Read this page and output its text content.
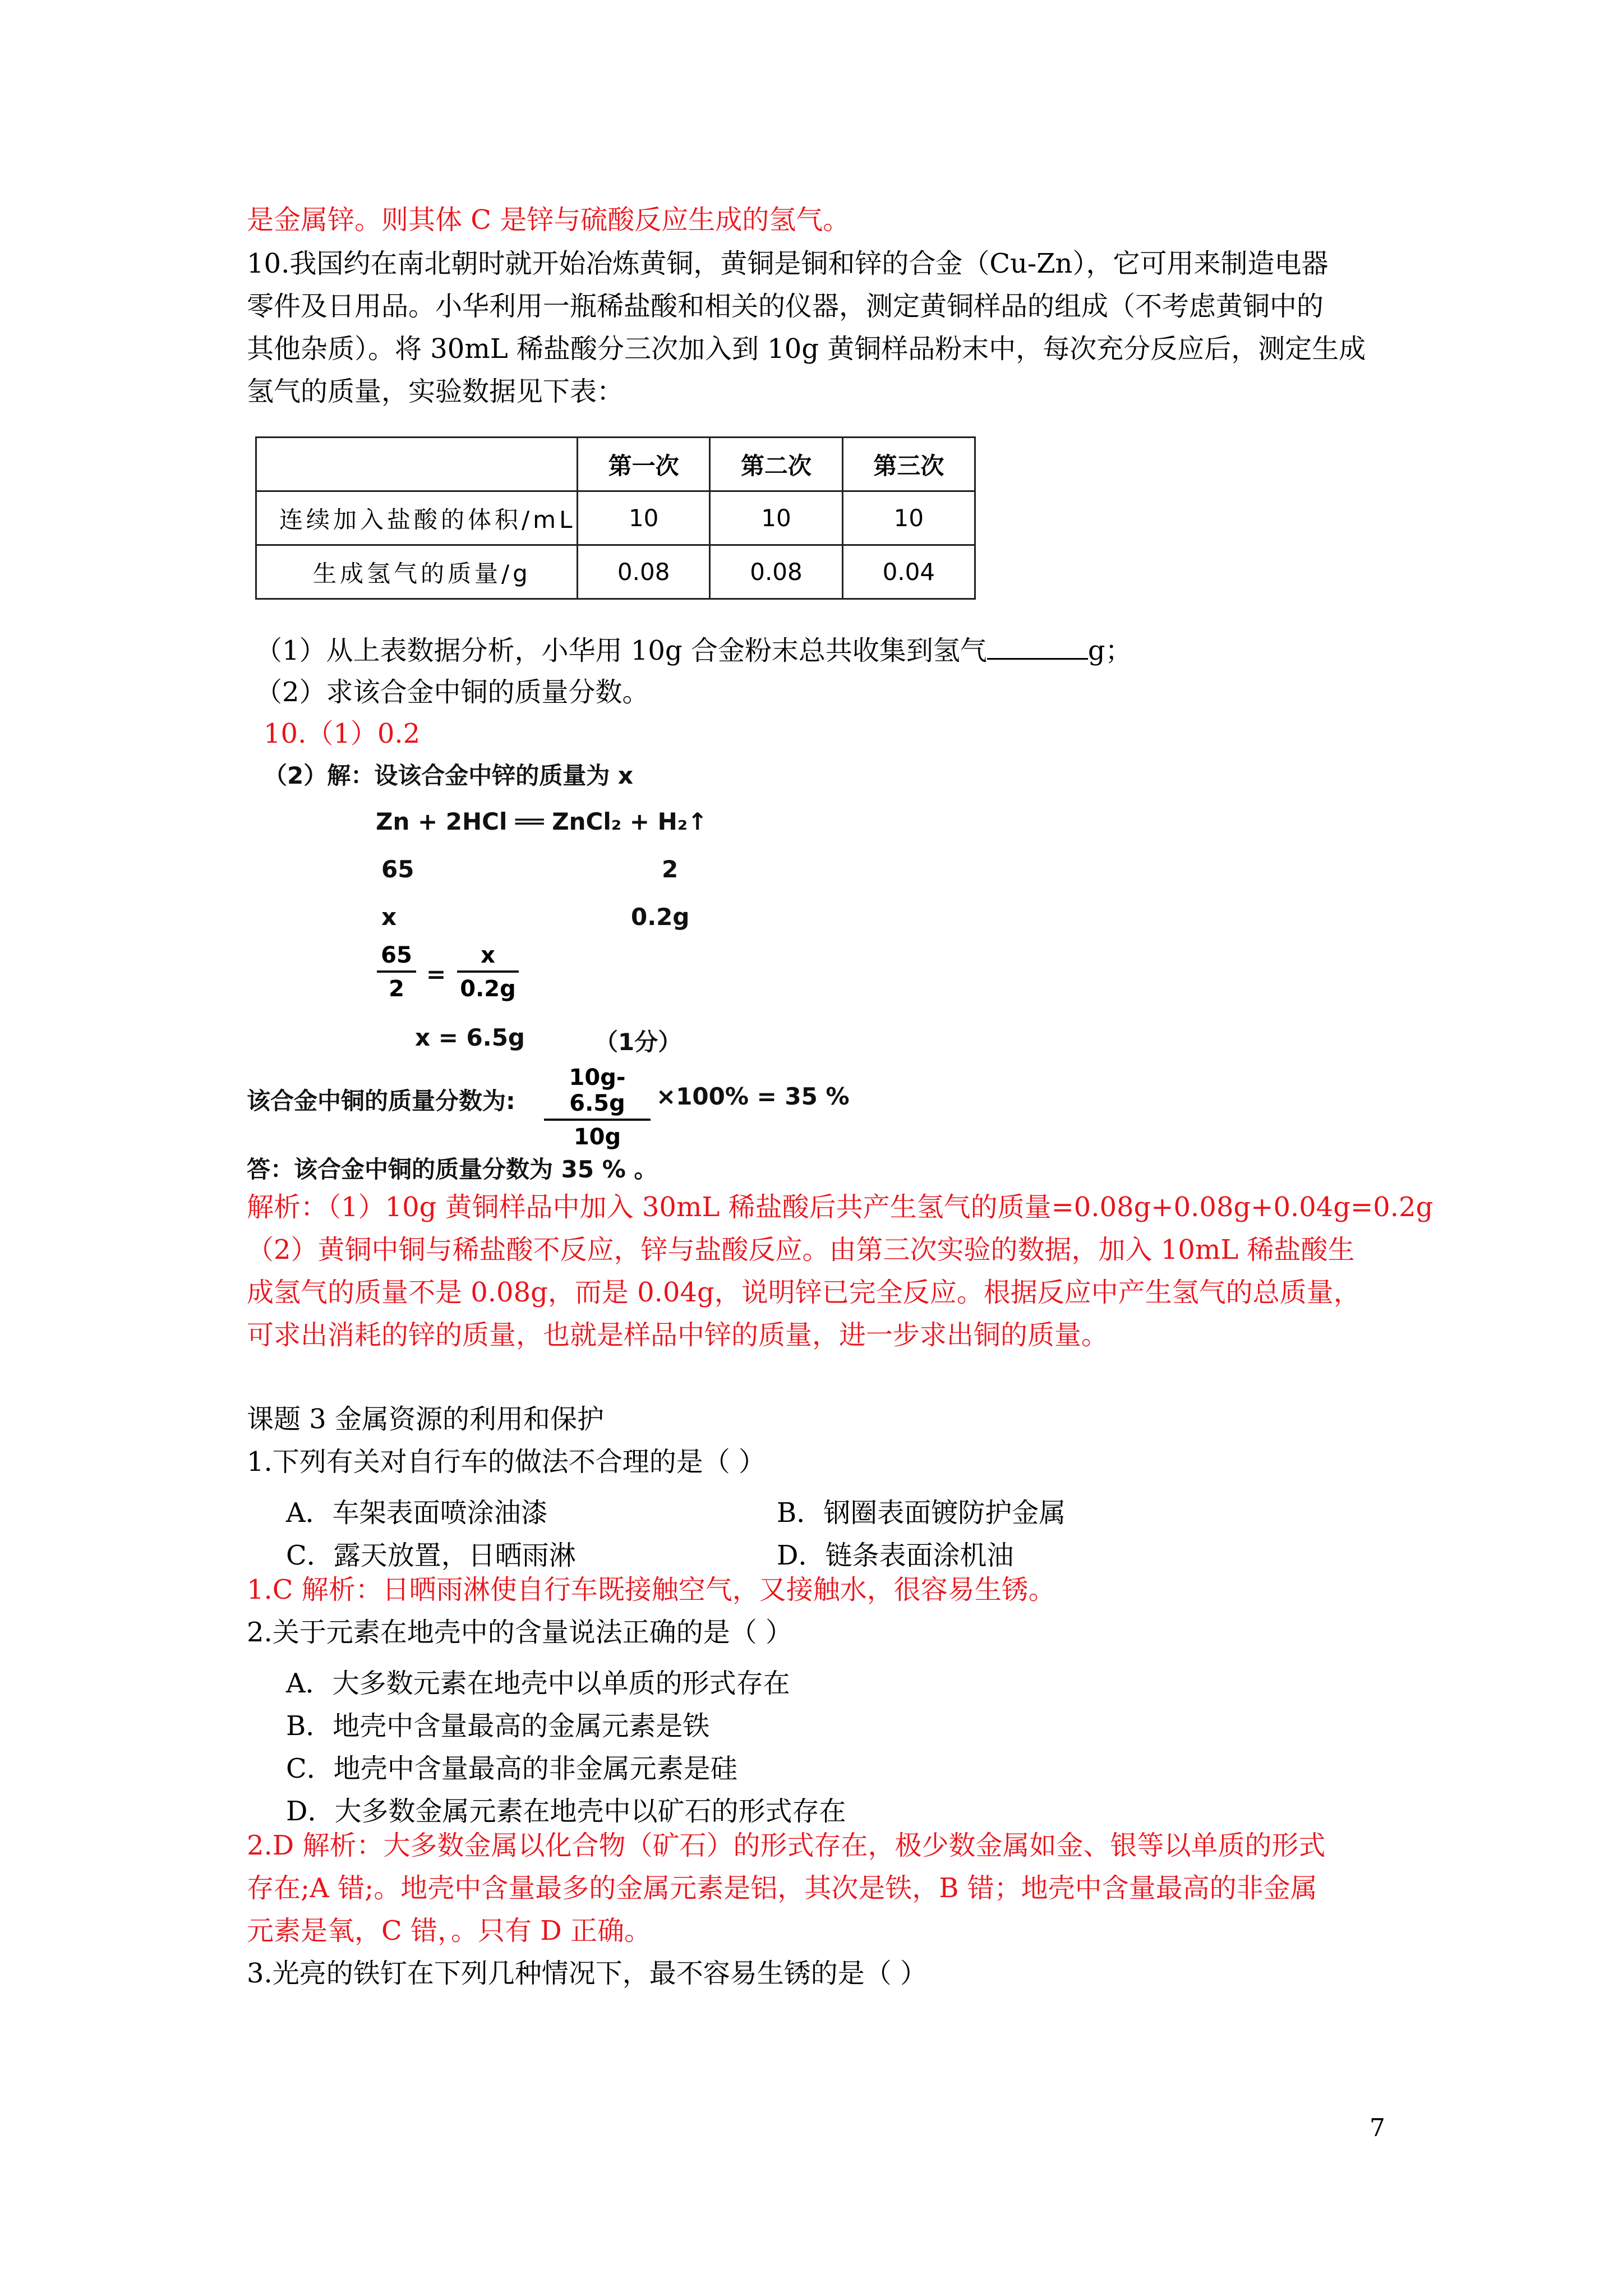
是金属锌。则其体 C 是锌与硫酸反应生成的氢气。
10.我国约在南北朝时就开始冶炼黄铜，黄铜是铜和锌的合金（Cu-Zn），它可用来制造电器
零件及日用品。小华利用一瓶稀盐酸和相关的仪器，测定黄铜样品的组成（不考虑黄铜中的
其他杂质）。将 30mL 稀盐酸分三次加入到 10g 黄铜样品粉末中，每次充分反应后，测定生成
氢气的质量，实验数据见下表：
	第一次	第二次	第三次
连续加入盐酸的体积/mL	10	10	10
生成氢气的质量/g	0.08	0.08	0.04
（1）从上表数据分析，小华用 10g 合金粉末总共收集到氢气	g；
（2）求该合金中铜的质量分数。
10.（1）0.2
（2）解：设该合金中锌的质量为 x
Zn + 2HCl ══ ZnCl₂ + H₂↑
65	2
x	0.2g
$\frac{65}{2} = \frac{x}{0.2g}$
x = 6.5g	（1分）
该合金中铜的质量分数为: $\frac{10g-6.5g}{10g} \times 100\% = 35$ %
答：该合金中铜的质量分数为 35 % 。
解析：（1）10g 黄铜样品中加入 30mL 稀盐酸后共产生氢气的质量=0.08g+0.08g+0.04g=0.2g
（2）黄铜中铜与稀盐酸不反应，锌与盐酸反应。由第三次实验的数据，加入 10mL 稀盐酸生
成氢气的质量不是 0.08g，而是 0.04g，说明锌已完全反应。根据反应中产生氢气的总质量，
可求出消耗的锌的质量，也就是样品中锌的质量，进一步求出铜的质量。
课题 3 金属资源的利用和保护
1.下列有关对自行车的做法不合理的是（ ）
A．车架表面喷涂油漆	B．钢圈表面镀防护金属
C．露天放置，日晒雨淋	D．链条表面涂机油
1.C 解析：日晒雨淋使自行车既接触空气，又接触水，很容易生锈。
2.关于元素在地壳中的含量说法正确的是（ ）
A．大多数元素在地壳中以单质的形式存在
B．地壳中含量最高的金属元素是铁
C．地壳中含量最高的非金属元素是硅
D．大多数金属元素在地壳中以矿石的形式存在
2.D 解析：大多数金属以化合物（矿石）的形式存在，极少数金属如金、银等以单质的形式
存在;A 错;。地壳中含量最多的金属元素是铝，其次是铁，B 错；地壳中含量最高的非金属
元素是氧，C 错，。只有 D 正确。
3.光亮的铁钉在下列几种情况下，最不容易生锈的是（ ）
7
